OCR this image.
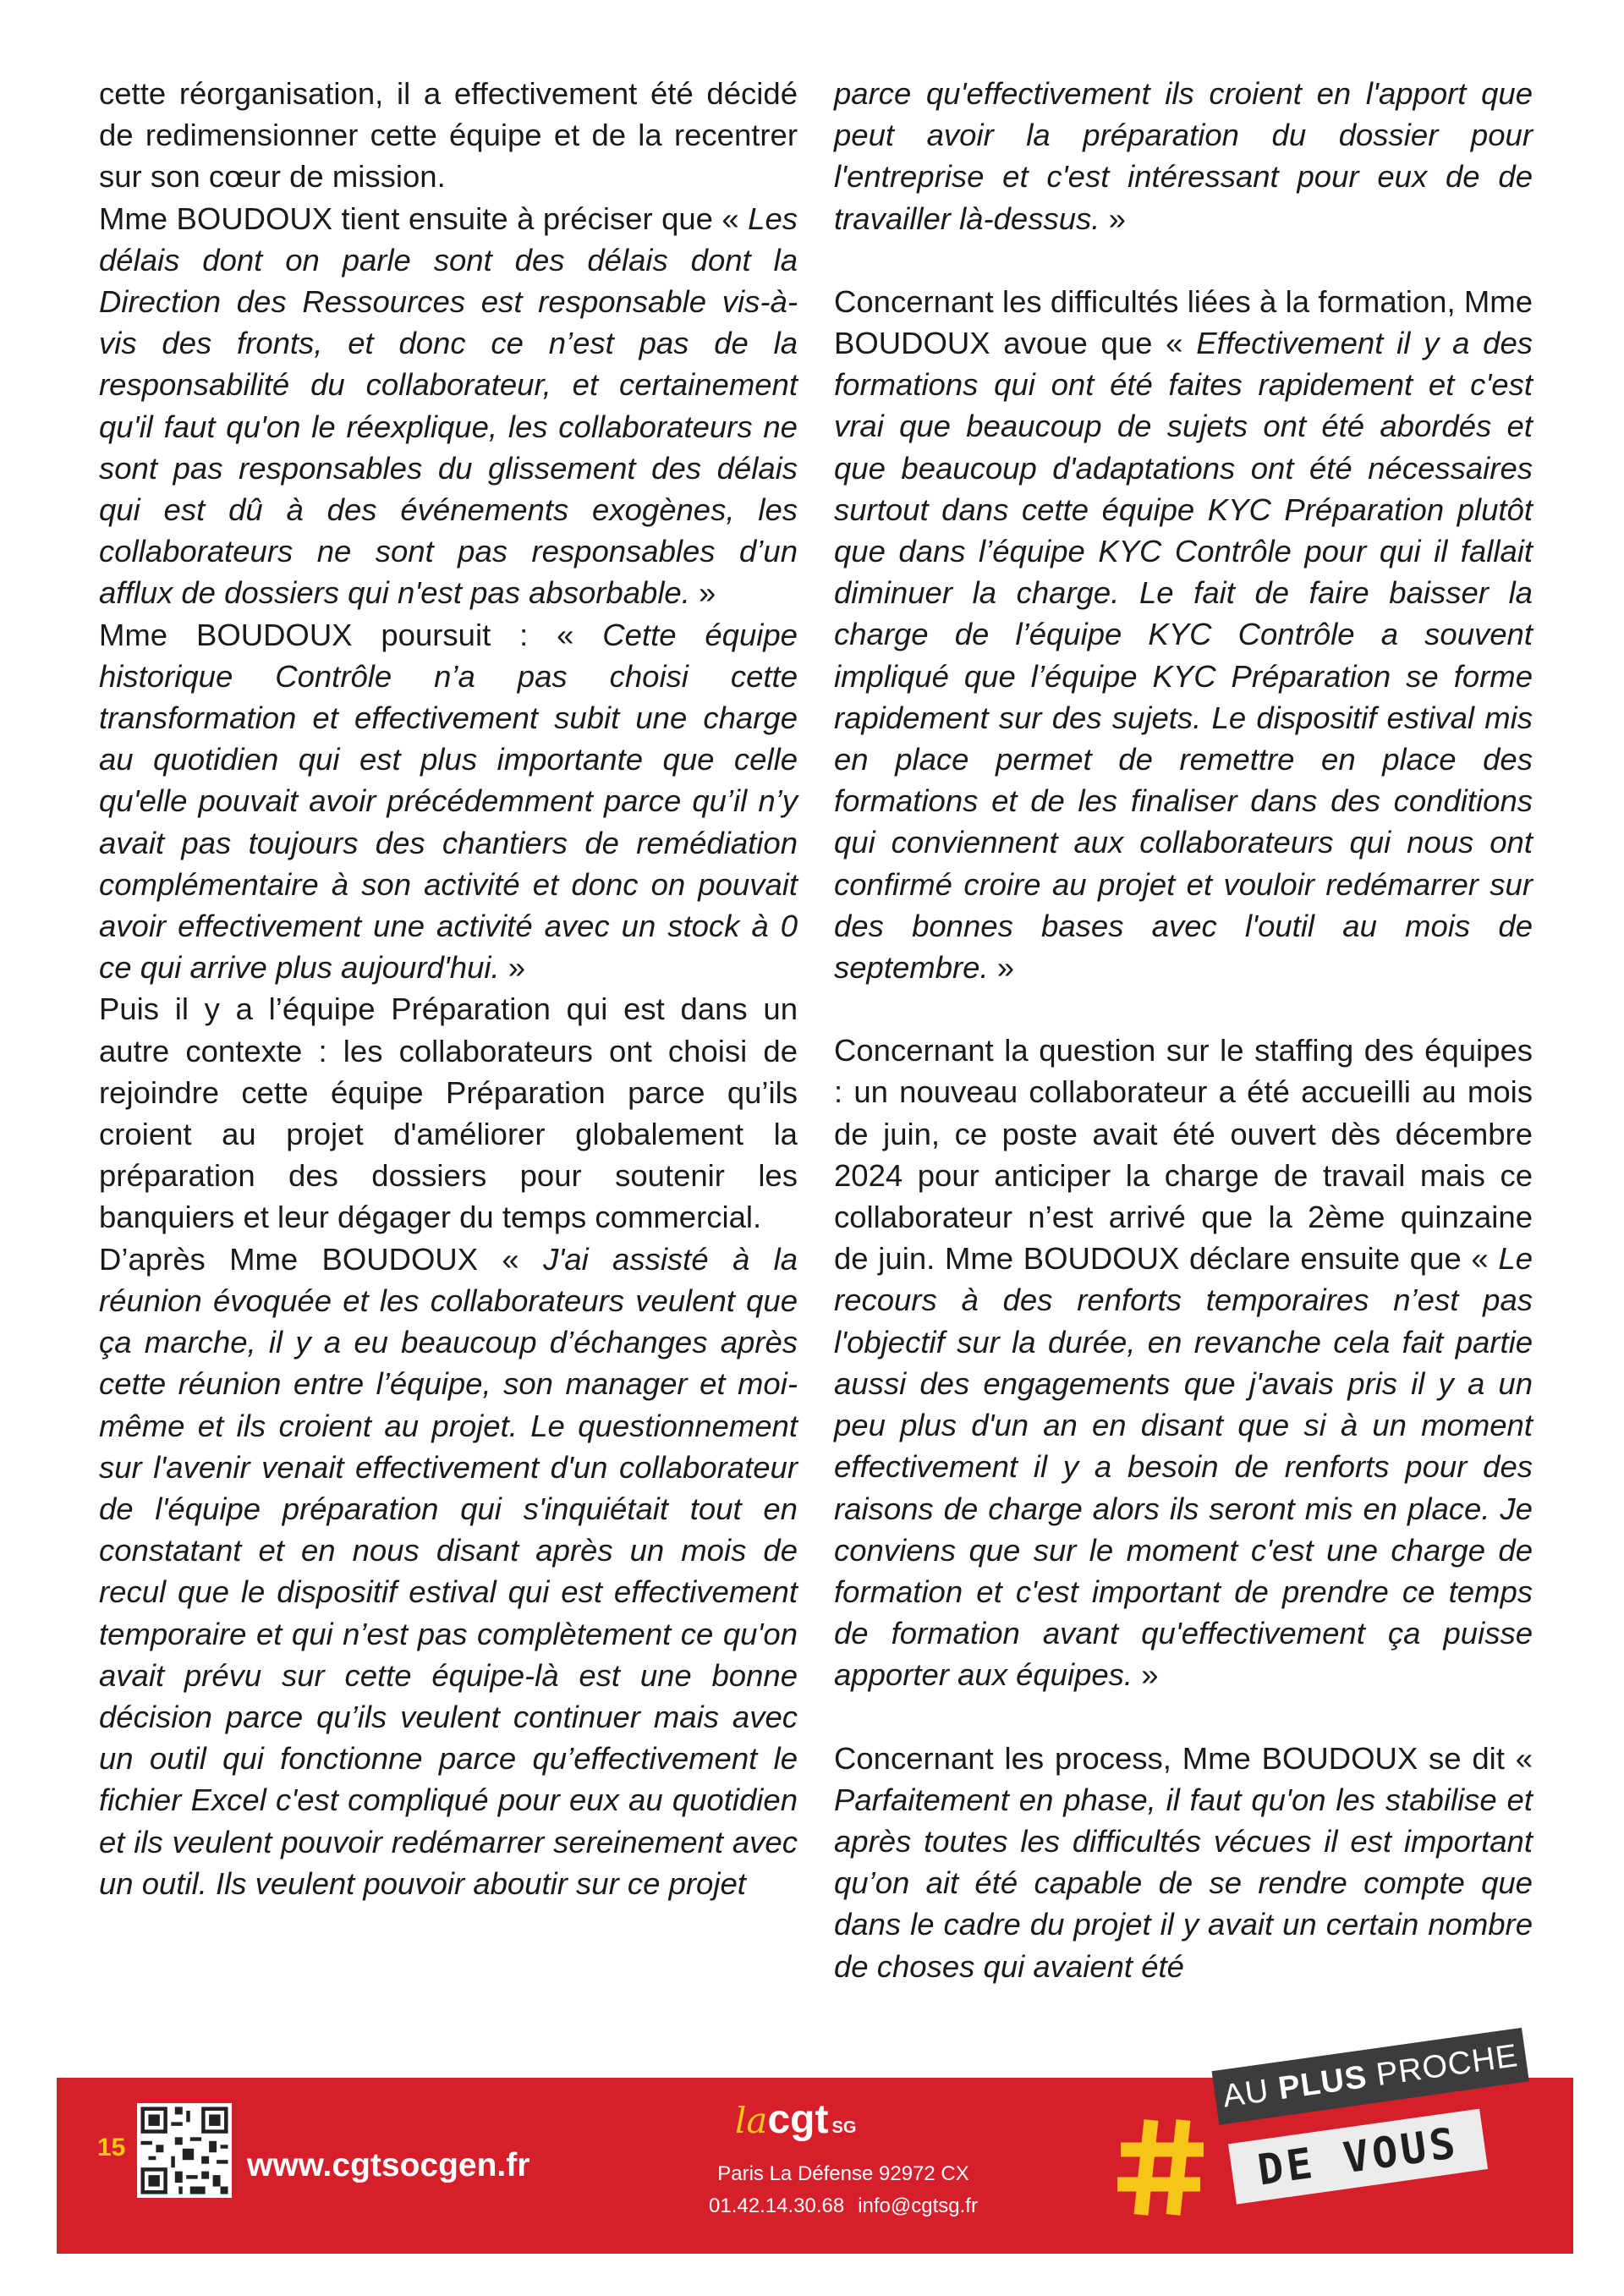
cette réorganisation, il a effectivement été décidé de redimensionner cette équipe et de la recentrer sur son cœur de mission.

Mme BOUDOUX tient ensuite à préciser que « Les délais dont on parle sont des délais dont la Direction des Ressources est responsable vis-à-vis des fronts, et donc ce n’est pas de la responsabilité du collaborateur, et certainement qu'il faut qu'on le réexplique, les collaborateurs ne sont pas responsables du glissement des délais qui est dû à des événements exogènes, les collaborateurs ne sont pas responsables d’un afflux de dossiers qui n'est pas absorbable. »

Mme BOUDOUX poursuit : « Cette équipe historique Contrôle n’a pas choisi cette transformation et effectivement subit une charge au quotidien qui est plus importante que celle qu'elle pouvait avoir précédemment parce qu’il n’y avait pas toujours des chantiers de remédiation complémentaire à son activité et donc on pouvait avoir effectivement une activité avec un stock à 0 ce qui arrive plus aujourd'hui. »

Puis il y a l’équipe Préparation qui est dans un autre contexte : les collaborateurs ont choisi de rejoindre cette équipe Préparation parce qu’ils croient au projet d'améliorer globalement la préparation des dossiers pour soutenir les banquiers et leur dégager du temps commercial.

D’après Mme BOUDOUX « J'ai assisté à la réunion évoquée et les collaborateurs veulent que ça marche, il y a eu beaucoup d’échanges après cette réunion entre l’équipe, son manager et moi-même et ils croient au projet. Le questionnement sur l'avenir venait effectivement d'un collaborateur de l'équipe préparation qui s'inquiétait tout en constatant et en nous disant après un mois de recul que le dispositif estival qui est effectivement temporaire et qui n’est pas complètement ce qu'on avait prévu sur cette équipe-là est une bonne décision parce qu’ils veulent continuer mais avec un outil qui fonctionne parce qu’effectivement le fichier Excel c'est compliqué pour eux au quotidien et ils veulent pouvoir redémarrer sereinement avec un outil. Ils veulent pouvoir aboutir sur ce projet

parce qu'effectivement ils croient en l'apport que peut avoir la préparation du dossier pour l'entreprise et c'est intéressant pour eux de de travailler là-dessus. »

Concernant les difficultés liées à la formation, Mme BOUDOUX avoue que « Effectivement il y a des formations qui ont été faites rapidement et c'est vrai que beaucoup de sujets ont été abordés et que beaucoup d'adaptations ont été nécessaires surtout dans cette équipe KYC Préparation plutôt que dans l’équipe KYC Contrôle pour qui il fallait diminuer la charge. Le fait de faire baisser la charge de l’équipe KYC Contrôle a souvent impliqué que l’équipe KYC Préparation se forme rapidement sur des sujets. Le dispositif estival mis en place permet de remettre en place des formations et de les finaliser dans des conditions qui conviennent aux collaborateurs qui nous ont confirmé croire au projet et vouloir redémarrer sur des bonnes bases avec l'outil au mois de septembre. »

Concernant la question sur le staffing des équipes : un nouveau collaborateur a été accueilli au mois de juin, ce poste avait été ouvert dès décembre 2024 pour anticiper la charge de travail mais ce collaborateur n’est arrivé que la 2ème quinzaine de juin. Mme BOUDOUX déclare ensuite que « Le recours à des renforts temporaires n’est pas l'objectif sur la durée, en revanche cela fait partie aussi des engagements que j'avais pris il y a un peu plus d'un an en disant que si à un moment effectivement il y a besoin de renforts pour des raisons de charge alors ils seront mis en place. Je conviens que sur le moment c'est une charge de formation et c'est important de prendre ce temps de formation avant qu'effectivement ça puisse apporter aux équipes. »

Concernant les process, Mme BOUDOUX se dit « Parfaitement en phase, il faut qu'on les stabilise et après toutes les difficultés vécues il est important qu’on ait été capable de se rendre compte que dans le cadre du projet il y avait un certain nombre de choses qui avaient été

15	www.cgtsocgen.fr
lacgt SG
Paris La Défense 92972 CX
01.42.14.30.68 info@cgtsg.fr
AU PLUS PROCHE
DE VOUS
